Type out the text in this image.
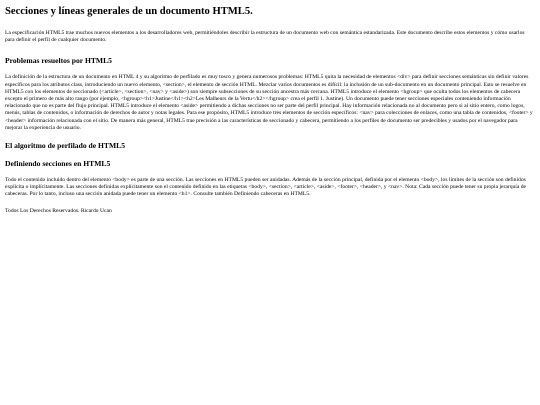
Secciones y líneas generales de un documento HTML5.

La especificación HTML5 trae muchos nuevos elementos a los desarrolladores web, permitiéndoles describir la estructura de un documento web con semántica estandarizada. Este documento describe estos elementos y cómo usarlos para definir el perfil de cualquier documento.

Problemas resueltos por HTML5

La definición de la estructura de un documento en HTML 4 y su algoritmo de perfilado es muy tosco y genera numerosos problemas: HTML5 quita la necesidad de elementos <div> para definir secciones semánticas sin definir valores específicos para los atributos class, introduciendo un nuevo elemento, <section>, el elemento de sección HTML. Mezclar varios documentos es difícil: la inclusión de un sub-documento en un documento principal. Esto se resuelve en HTML5 con los elementos de seccionado (<article>, <section>, <nav> y <aside>) son siempre subsecciones de su sección ancestra más cercana. HTML5 introduce el elemento <hgroup> que oculta todos los elementos de cabecera excepto el primero de más alto rango (por ejemplo, <hgroup><h1>Justine</h1><h2>Les Malheurs de la Vertu</h2></hgroup> crea el perfil 1. Justine). Un documento puede tener secciones especiales conteniendo información relacionado que no es parte del flujo principal. HTML5 introduce el elemento <aside> permitiendo a dichas secciones no ser parte del perfil principal. Hay información relacionada no al documento pero si al sitio entero, como logos, menús, tablas de contenidos, o información de derechos de autor y notas legales. Para ese propósito, HTML5 introduce tres elementos de sección específicos: <nav> para colecciones de enlaces, como una tabla de contenidos, <footer> y <header> información relacionada con el sitio. De manera más general, HTML5 trae precisión a las características de seccionado y cabecera, permitiendo a los perfiles de documento ser predecibles y usados por el navegador para mejorar la experiencia de usuario.

El algoritmo de perfilado de HTML5
Definiendo secciones en HTML5

Todo el contenido incluido dentro del elemento <body> es parte de una sección. Las secciones en HTML5 pueden ser anidadas. Además de la sección principal, definida por el elemento <body>, los límites de la sección son definidos explícita o implícitamente. Las secciones definidas explícitamente son el contenido definido en las etiquetas <body>, <section>, <article>, <aside>, <footer>, <header>, y <nav>. Nota: Cada sección puede tener su propia jerarquía de cabeceras. Por lo tanto, incluso una sección anidada puede tener un elemento <h1>. Consulte también Definiendo cabeceras en HTML5.

Todos Los Derechos Reservados. Ricardo Ucan
